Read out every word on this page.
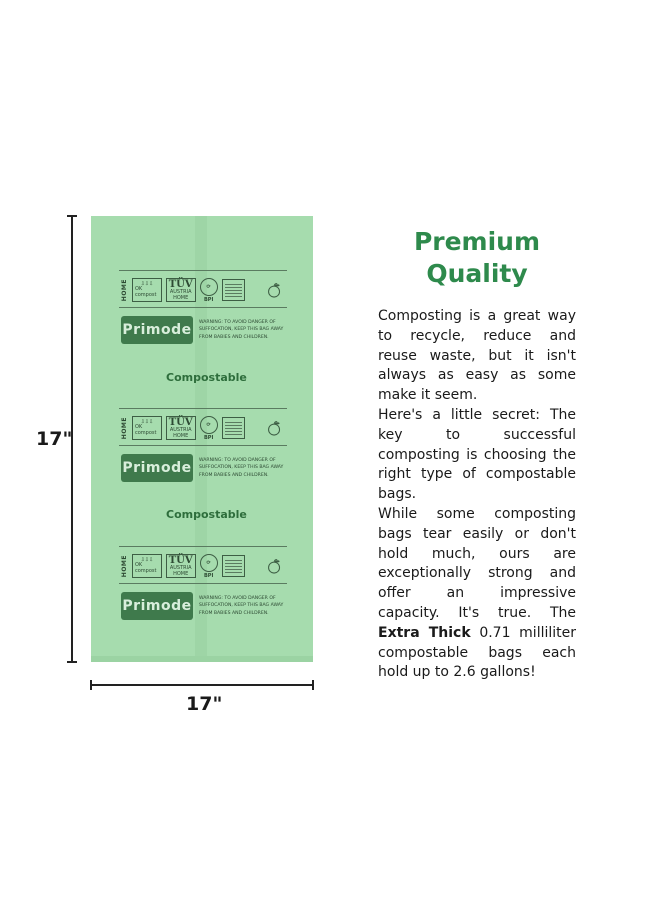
17"
17"
HOME	⇩⇩⇩
OK compost
TÜV
AUSTRIA
HOME
⟳
BPI
Primode	WARNING: TO AVOID DANGER OF SUFFOCATION, KEEP THIS BAG AWAY FROM BABIES AND CHILDREN.
Compostable
HOME	⇩⇩⇩
OK compost
TÜV
AUSTRIA
HOME
⟳
BPI
Primode	WARNING: TO AVOID DANGER OF SUFFOCATION, KEEP THIS BAG AWAY FROM BABIES AND CHILDREN.
Compostable
HOME	⇩⇩⇩
OK compost
TÜV
AUSTRIA
HOME
⟳
BPI
Primode	WARNING: TO AVOID DANGER OF SUFFOCATION, KEEP THIS BAG AWAY FROM BABIES AND CHILDREN.
Premium
Quality
Composting is a great way to recycle, reduce and reuse waste, but it isn't always as easy as some make it seem.
Here's a little secret: The key to successful composting is choosing the right type of compostable bags.
While some composting bags tear easily or don't hold much, ours are exceptionally strong and offer an impressive capacity. It's true. The Extra Thick 0.71 milliliter compostable bags each hold up to 2.6 gallons!
